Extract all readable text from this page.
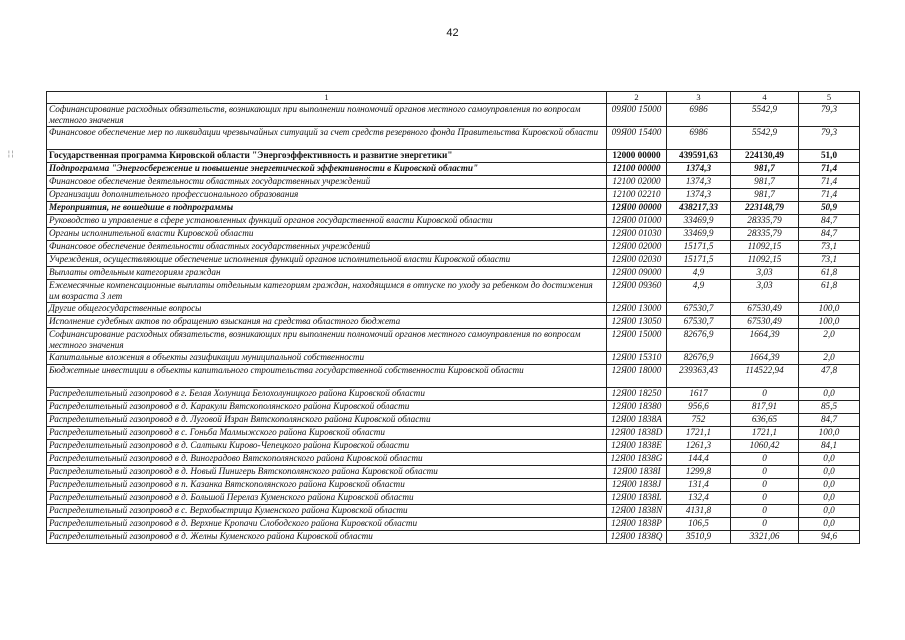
42
¦ ¦
1	2	3	4	5
Софинансирование расходных обязательств, возникающих при выполнении полномочий органов местного самоуправления по вопросам местного значения	09Я00 15000	6986	5542,9	79,3
Финансовое обеспечение мер по ликвидации чрезвычайных ситуаций за счет средств резервного фонда Правительства Кировской области	09Я00 15400	6986	5542,9	79,3
Государственная программа Кировской области "Энергоэффективность и развитие энергетики"	12000 00000	439591,63	224130,49	51,0
Подпрограмма "Энергосбережение и повышение энергетической эффективности в Кировской области"	12100 00000	1374,3	981,7	71,4
Финансовое обеспечение деятельности областных государственных учреждений	12100 02000	1374,3	981,7	71,4
Организации дополнительного профессионального образования	12100 02210	1374,3	981,7	71,4
Мероприятия, не вошедшие в подпрограммы	12Я00 00000	438217,33	223148,79	50,9
Руководство и управление в сфере установленных функций органов государственной власти Кировской области	12Я00 01000	33469,9	28335,79	84,7
Органы исполнительной власти Кировской области	12Я00 01030	33469,9	28335,79	84,7
Финансовое обеспечение деятельности областных государственных учреждений	12Я00 02000	15171,5	11092,15	73,1
Учреждения, осуществляющие обеспечение исполнения функций органов исполнительной власти Кировской области	12Я00 02030	15171,5	11092,15	73,1
Выплаты отдельным категориям граждан	12Я00 09000	4,9	3,03	61,8
Ежемесячные компенсационные выплаты отдельным категориям граждан, находящимся в отпуске по уходу за ребенком до достижения им возраста 3 лет	12Я00 09360	4,9	3,03	61,8
Другие общегосударственные вопросы	12Я00 13000	67530,7	67530,49	100,0
Исполнение судебных актов по обращению взыскания на средства областного бюджета	12Я00 13050	67530,7	67530,49	100,0
Софинансирование расходных обязательств, возникающих при выполнении полномочий органов местного самоуправления по вопросам местного значения	12Я00 15000	82676,9	1664,39	2,0
Капитальные вложения в объекты газификации муниципальной собственности	12Я00 15310	82676,9	1664,39	2,0
Бюджетные инвестиции в объекты капитального строительства государственной собственности Кировской области	12Я00 18000	239363,43	114522,94	47,8
Распределительный газопровод в г. Белая Холуница Белохолуницкого района Кировской области	12Я00 18250	1617	0	0,0
Распределительный газопровод в д. Каракули Вятскополянского района Кировской области	12Я00 18380	956,6	817,91	85,5
Распределительный газопровод в д. Луговой Изран Вятскополянского района Кировской области	12Я00 1838A	752	636,65	84,7
Распределительный газопровод в с. Гоньба Малмыжского района Кировской области	12Я00 1838D	1721,1	1721,1	100,0
Распределительный газопровод в д. Салтыки Кирово-Чепецкого района Кировской области	12Я00 1838E	1261,3	1060,42	84,1
Распределительный газопровод в д. Виноградово Вятскополянского района Кировской области	12Я00 1838G	144,4	0	0,0
Распределительный газопровод в д. Новый Пинигерь Вятскополянского района Кировской области	12Я00 1838I	1299,8	0	0,0
Распределительный газопровод в п. Казанка Вятскополянского района Кировской области	12Я00 1838J	131,4	0	0,0
Распределительный газопровод в д. Большой Перелаз Куменского района Кировской области	12Я00 1838L	132,4	0	0,0
Распределительный газопровод в с. Верхобыстрица Куменского района Кировской области	12Я00 1838N	4131,8	0	0,0
Распределительный газопровод в д. Верхние Кропачи Слободского района Кировской области	12Я00 1838P	106,5	0	0,0
Распределительный газопровод в д. Желны Куменского района Кировской области	12Я00 1838Q	3510,9	3321,06	94,6
